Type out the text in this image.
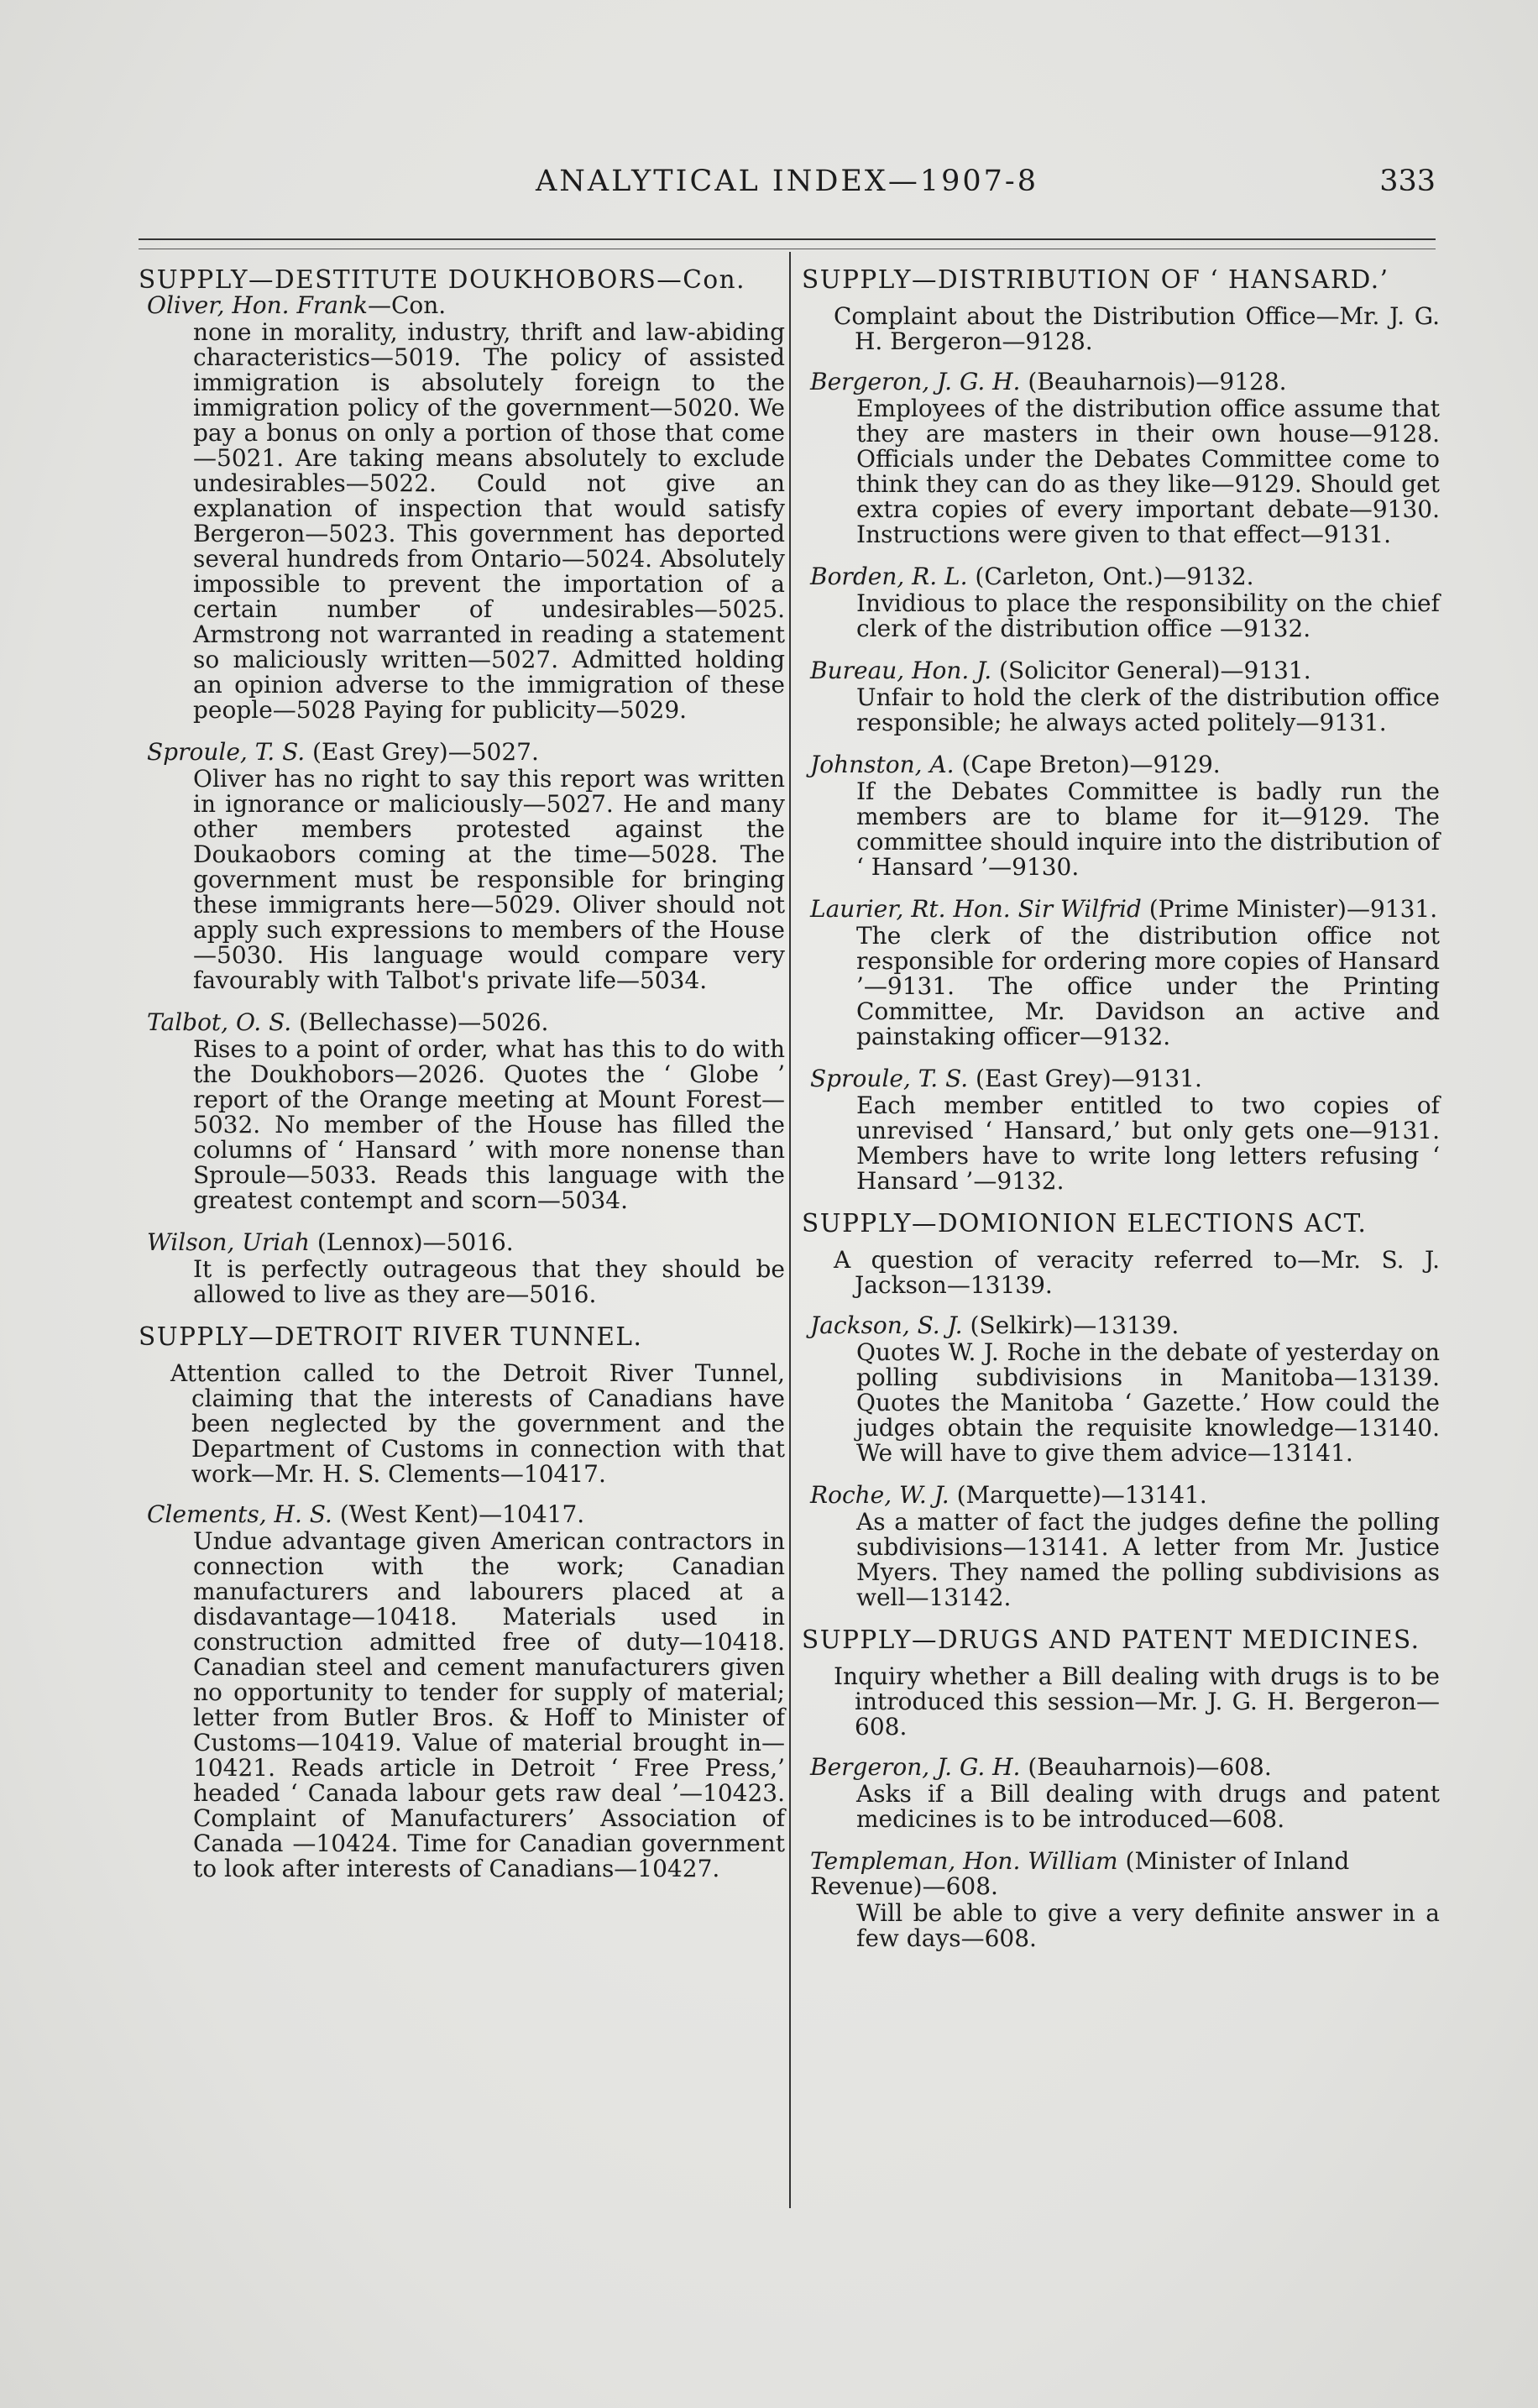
ANALYTICAL INDEX—1907-8	333
SUPPLY—DESTITUTE DOUKHOBORS—Con.

Oliver, Hon. Frank—Con.

none in morality, industry, thrift and law-abiding characteristics—5019. The policy of assisted immigration is absolutely foreign to the immigration policy of the government—5020. We pay a bonus on only a portion of those that come—5021. Are taking means absolutely to exclude undesirables—5022. Could not give an explanation of inspection that would satisfy Bergeron—5023. This government has deported several hundreds from Ontario—5024. Absolutely impossible to prevent the importation of a certain number of undesirables—5025. Armstrong not warranted in reading a statement so maliciously written—5027. Admitted holding an opinion adverse to the immigration of these people—5028 Paying for publicity—5029.

Sproule, T. S. (East Grey)—5027.

Oliver has no right to say this report was written in ignorance or maliciously—5027. He and many other members protested against the Doukaobors coming at the time—5028. The government must be responsible for bringing these immigrants here—5029. Oliver should not apply such expressions to members of the House—5030. His language would compare very favourably with Talbot's private life—5034.

Talbot, O. S. (Bellechasse)—5026.

Rises to a point of order, what has this to do with the Doukhobors—2026. Quotes the ‘ Globe ’ report of the Orange meeting at Mount Forest—5032. No member of the House has filled the columns of ‘ Hansard ’ with more nonense than Sproule—5033. Reads this language with the greatest contempt and scorn—5034.

Wilson, Uriah (Lennox)—5016.

It is perfectly outrageous that they should be allowed to live as they are—5016.

SUPPLY—DETROIT RIVER TUNNEL.

Attention called to the Detroit River Tunnel, claiming that the interests of Canadians have been neglected by the government and the Department of Customs in connection with that work—Mr. H. S. Clements—10417.

Clements, H. S. (West Kent)—10417.

Undue advantage given American contractors in connection with the work; Canadian manufacturers and labourers placed at a disdavantage—10418. Materials used in construction admitted free of duty—10418. Canadian steel and cement manufacturers given no opportunity to tender for supply of material; letter from Butler Bros. & Hoff to Minister of Customs—10419. Value of material brought in—10421. Reads article in Detroit ‘ Free Press,’ headed ‘ Canada labour gets raw deal ’—10423. Complaint of Manufacturers’ Association of Canada —10424. Time for Canadian government to look after interests of Canadians—10427.

SUPPLY—DISTRIBUTION OF ‘ HANSARD.’

Complaint about the Distribution Office—Mr. J. G. H. Bergeron—9128.

Bergeron, J. G. H. (Beauharnois)—9128.

Employees of the distribution office assume that they are masters in their own house—9128. Officials under the Debates Committee come to think they can do as they like—9129. Should get extra copies of every important debate—9130. Instructions were given to that effect—9131.

Borden, R. L. (Carleton, Ont.)—9132.

Invidious to place the responsibility on the chief clerk of the distribution office —9132.

Bureau, Hon. J. (Solicitor General)—9131.

Unfair to hold the clerk of the distribution office responsible; he always acted politely—9131.

Johnston, A. (Cape Breton)—9129.

If the Debates Committee is badly run the members are to blame for it—9129. The committee should inquire into the distribution of ‘ Hansard ’—9130.

Laurier, Rt. Hon. Sir Wilfrid (Prime Minister)—9131.

The clerk of the distribution office not responsible for ordering more copies of Hansard ’—9131. The office under the Printing Committee, Mr. Davidson an active and painstaking officer—9132.

Sproule, T. S. (East Grey)—9131.

Each member entitled to two copies of unrevised ‘ Hansard,’ but only gets one—9131. Members have to write long letters refusing ‘ Hansard ’—9132.

SUPPLY—DOMIONION ELECTIONS ACT.

A question of veracity referred to—Mr. S. J. Jackson—13139.

Jackson, S. J. (Selkirk)—13139.

Quotes W. J. Roche in the debate of yesterday on polling subdivisions in Manitoba—13139. Quotes the Manitoba ‘ Gazette.’ How could the judges obtain the requisite knowledge—13140. We will have to give them advice—13141.

Roche, W. J. (Marquette)—13141.

As a matter of fact the judges define the polling subdivisions—13141. A letter from Mr. Justice Myers. They named the polling subdivisions as well—13142.

SUPPLY—DRUGS AND PATENT MEDICINES.

Inquiry whether a Bill dealing with drugs is to be introduced this session—Mr. J. G. H. Bergeron—608.

Bergeron, J. G. H. (Beauharnois)—608.

Asks if a Bill dealing with drugs and patent medicines is to be introduced—608.

Templeman, Hon. William (Minister of Inland Revenue)—608.

Will be able to give a very definite answer in a few days—608.
